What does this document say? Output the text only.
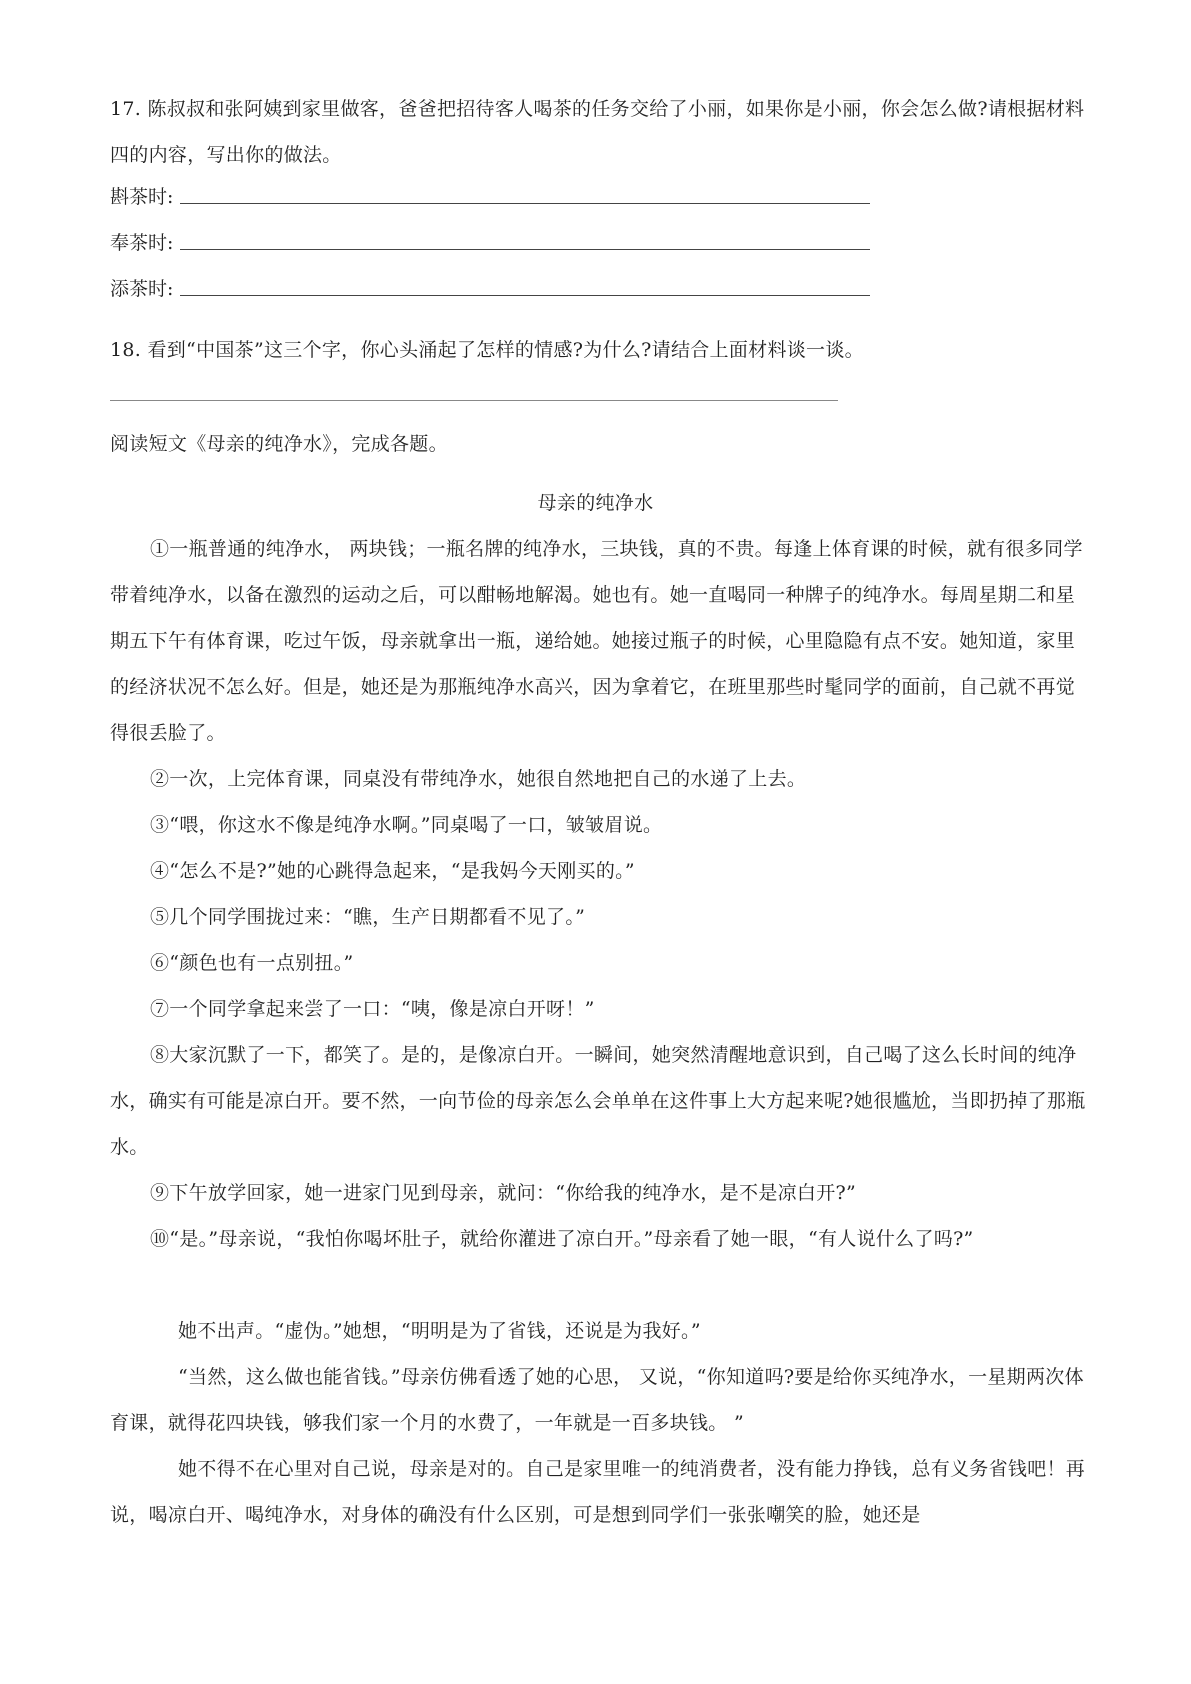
17. 陈叔叔和张阿姨到家里做客，爸爸把招待客人喝茶的任务交给了小丽，如果你是小丽，你会怎么做?请根据材料四的内容，写出你的做法。

斟茶时:
奉茶时:
添茶时:

18. 看到“中国茶”这三个字，你心头涌起了怎样的情感?为什么?请结合上面材料谈一谈。

阅读短文《母亲的纯净水》，完成各题。

母亲的纯净水

①一瓶普通的纯净水， 两块钱；一瓶名牌的纯净水，三块钱，真的不贵。每逢上体育课的时候，就有很多同学带着纯净水，以备在激烈的运动之后，可以酣畅地解渴。她也有。她一直喝同一种牌子的纯净水。每周星期二和星期五下午有体育课，吃过午饭，母亲就拿出一瓶，递给她。她接过瓶子的时候，心里隐隐有点不安。她知道，家里的经济状况不怎么好。但是，她还是为那瓶纯净水高兴，因为拿着它，在班里那些时髦同学的面前，自己就不再觉得很丢脸了。

②一次，上完体育课，同桌没有带纯净水，她很自然地把自己的水递了上去。

③“喂，你这水不像是纯净水啊。”同桌喝了一口，皱皱眉说。

④“怎么不是?”她的心跳得急起来，“是我妈今天刚买的。”

⑤几个同学围拢过来：“瞧，生产日期都看不见了。”

⑥“颜色也有一点别扭。”

⑦一个同学拿起来尝了一口：“咦，像是凉白开呀！”

⑧大家沉默了一下，都笑了。是的，是像凉白开。一瞬间，她突然清醒地意识到，自己喝了这么长时间的纯净水，确实有可能是凉白开。要不然，一向节俭的母亲怎么会单单在这件事上大方起来呢?她很尴尬，当即扔掉了那瓶水。

⑨下午放学回家，她一进家门见到母亲，就问：“你给我的纯净水，是不是凉白开?”

⑩“是。”母亲说，“我怕你喝坏肚子，就给你灌进了凉白开。”母亲看了她一眼，“有人说什么了吗?”

她不出声。“虚伪。”她想，“明明是为了省钱，还说是为我好。”

“当然，这么做也能省钱。”母亲仿佛看透了她的心思， 又说，“你知道吗?要是给你买纯净水，一星期两次体育课，就得花四块钱，够我们家一个月的水费了，一年就是一百多块钱。 ”

她不得不在心里对自己说，母亲是对的。自己是家里唯一的纯消费者，没有能力挣钱，总有义务省钱吧！再说，喝凉白开、喝纯净水，对身体的确没有什么区别，可是想到同学们一张张嘲笑的脸，她还是
